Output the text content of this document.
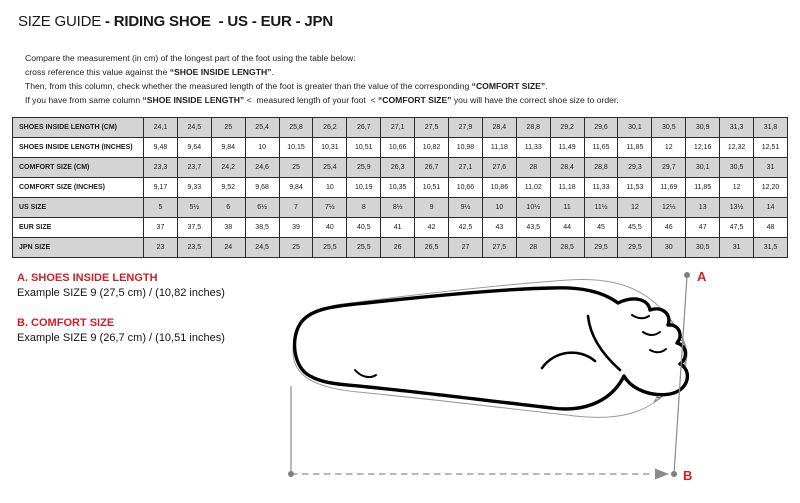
SIZE GUIDE - RIDING SHOE  - US - EUR - JPN
Compare the measurement (in cm) of the longest part of the foot using the table below:
cross reference this value against the “SHOE INSIDE LENGTH”.
Then, from this column, check whether the measured length of the foot is greater than the value of the corresponding “COMFORT SIZE”.
If you have from same column “SHOE INSIDE LENGTH” <  measured length of your foot  < “COMFORT SIZE” you will have the correct shoe size to order.
SHOES INSIDE LENGTH (CM)	24,1	24,5	25	25,4	25,8	26,2	26,7	27,1	27,5	27,9	28,4	28,8	29,2	29,6	30,1	30,5	30,9	31,3	31,8
SHOES INSIDE LENGTH (INCHES)	9,48	9,64	9,84	10	10,15	10,31	10,51	10,66	10,82	10,98	11,18	11,33	11,49	11,65	11,85	12	12,16	12,32	12,51
COMFORT SIZE (CM)	23,3	23,7	24,2	24,6	25	25,4	25,9	26,3	26,7	27,1	27,6	28	28,4	28,8	29,3	29,7	30,1	30,5	31
COMFORT SIZE (INCHES)	9,17	9,33	9,52	9,68	9,84	10	10,19	10,35	10,51	10,66	10,86	11,02	11,18	11,33	11,53	11,69	11,85	12	12,20
US SIZE	5	5½	6	6½	7	7½	8	8½	9	9½	10	10½	11	11½	12	12½	13	13½	14
EUR SIZE	37	37,5	38	38,5	39	40	40,5	41	42	42,5	43	43,5	44	45	45,5	46	47	47,5	48
JPN SIZE	23	23,5	24	24,5	25	25,5	25,5	26	26,5	27	27,5	28	28,5	29,5	29,5	30	30,5	31	31,5
A. SHOES INSIDE LENGTH
Example SIZE 9 (27,5 cm) / (10,82 inches)
B. COMFORT SIZE
Example SIZE 9 (26,7 cm) / (10,51 inches)
A
B
